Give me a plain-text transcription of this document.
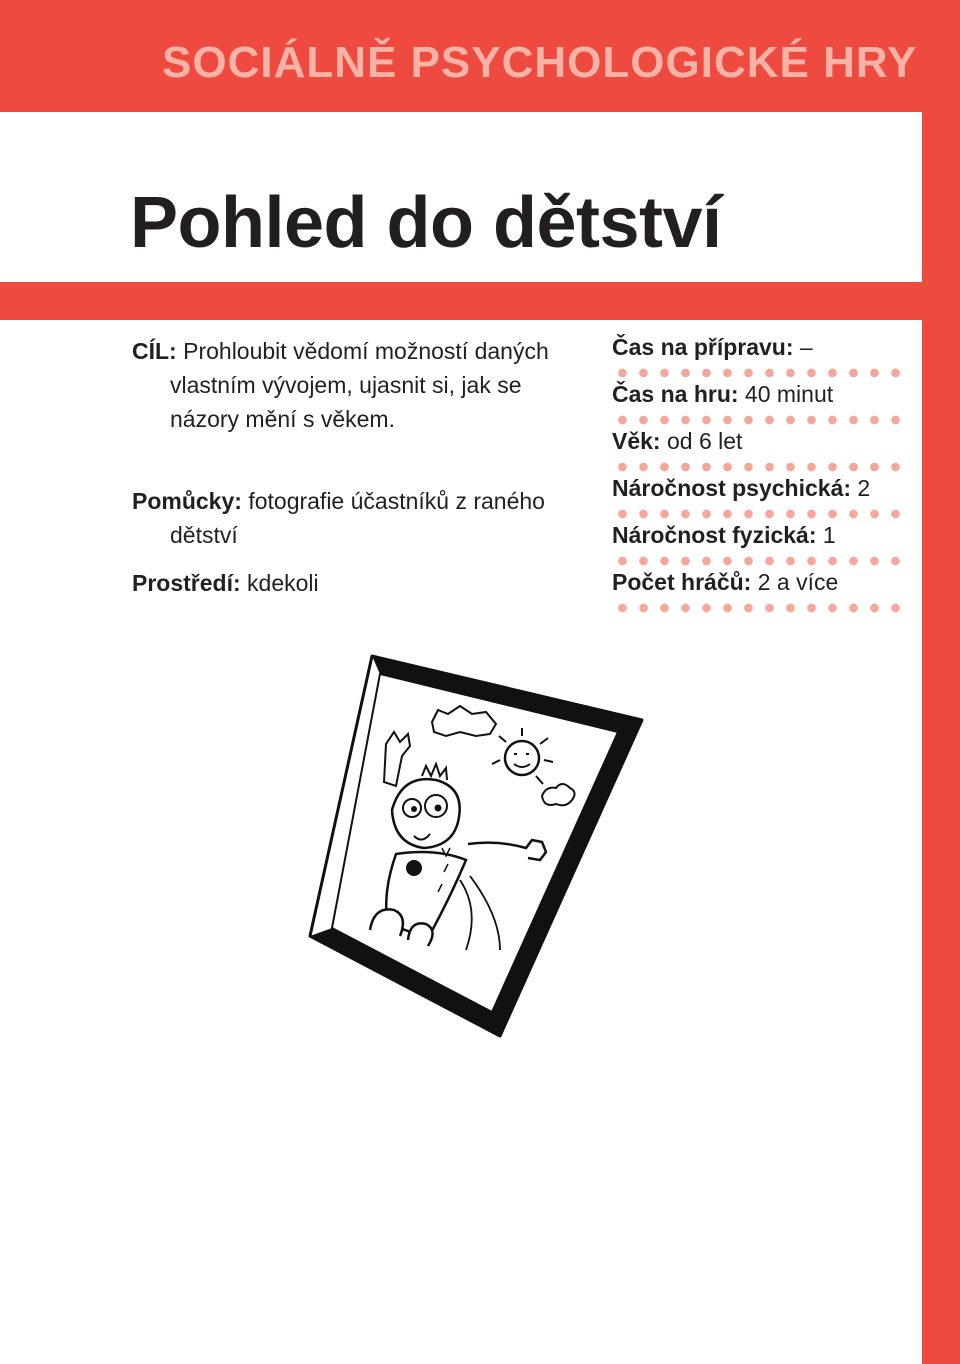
SOCIÁLNĚ PSYCHOLOGICKÉ HRY
Pohled do dětství
SEBEPOJETÍ

CÍL: Prohloubit vědomí možností daných vlastním vývojem, ujasnit si, jak se názory mění s věkem.

Pomůcky: fotografie účastníků z raného dětství

Prostředí: kdekoli

Čas na přípravu: –
Čas na hru: 40 minut
Věk: od 6 let
Náročnost psychická: 2
Náročnost fyzická: 1
Počet hráčů: 2 a více
